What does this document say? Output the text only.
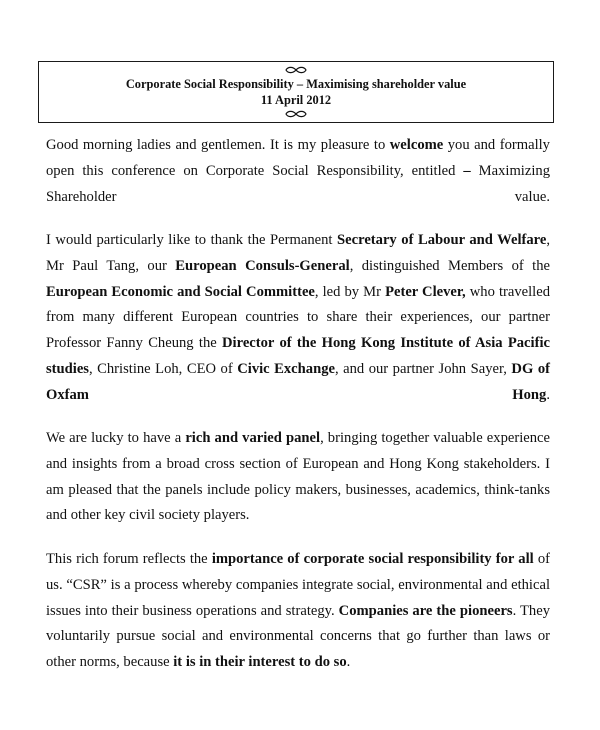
Corporate Social Responsibility – Maximising shareholder value
11 April 2012

Good morning ladies and gentlemen. It is my pleasure to welcome you and formally open this conference on Corporate Social Responsibility, entitled – Maximizing Shareholder value.

I would particularly like to thank the Permanent Secretary of Labour and Welfare, Mr Paul Tang, our European Consuls-General, distinguished Members of the European Economic and Social Committee, led by Mr Peter Clever, who travelled from many different European countries to share their experiences, our partner Professor Fanny Cheung the Director of the Hong Kong Institute of Asia Pacific studies, Christine Loh, CEO of Civic Exchange, and our partner John Sayer, DG of Oxfam Hong.

We are lucky to have a rich and varied panel, bringing together valuable experience and insights from a broad cross section of European and Hong Kong stakeholders. I am pleased that the panels include policy makers, businesses, academics, think-tanks and other key civil society players.

This rich forum reflects the importance of corporate social responsibility for all of us. “CSR” is a process whereby companies integrate social, environmental and ethical issues into their business operations and strategy. Companies are the pioneers. They voluntarily pursue social and environmental concerns that go further than laws or other norms, because it is in their interest to do so.
